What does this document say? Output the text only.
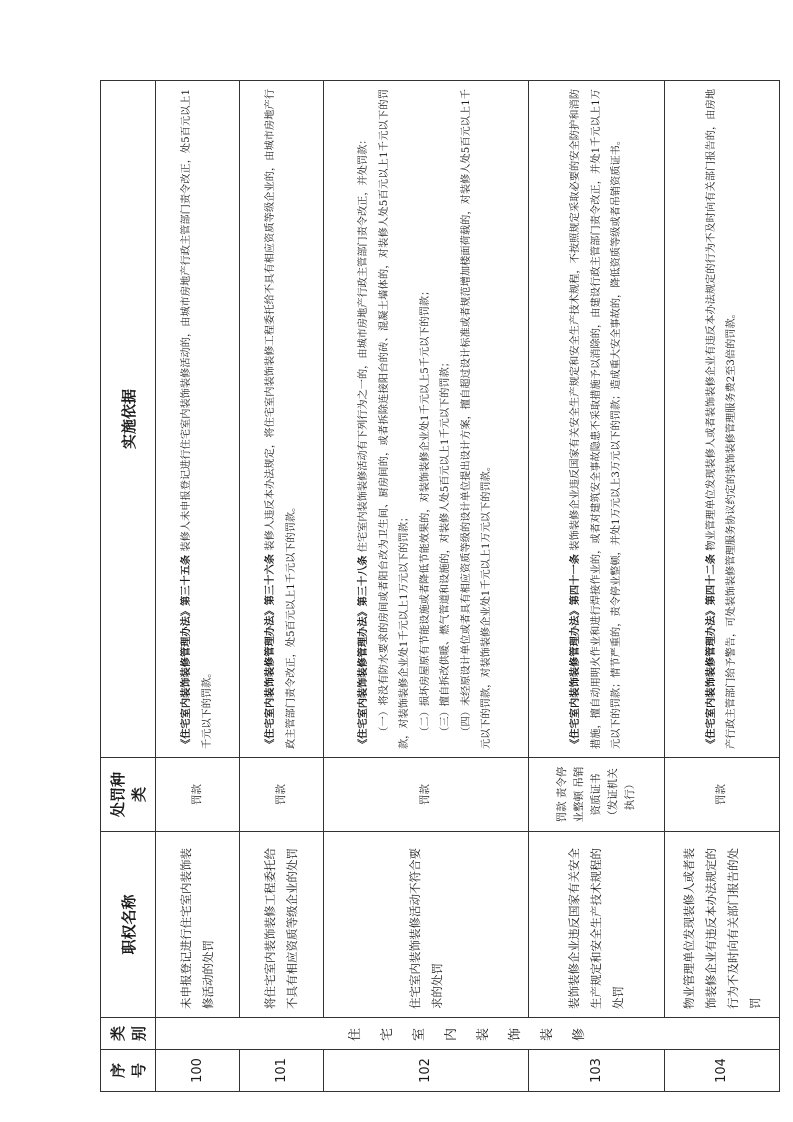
序号	类别	职权名称	处罚种类	实施依据
100	住宅室内装饰装修	未申报登记进行住宅室内装饰装修活动的处罚	罚款	《住宅室内装饰装修管理办法》第三十五条 装修人未申报登记进行住宅室内装饰装修活动的，由城市房地产行政主管部门责令改正，处5百元以上1千元以下的罚款。

101		将住宅室内装饰装修工程委托给不具有相应资质等级企业的处罚	罚款	《住宅室内装饰装修管理办法》第三十六条 装修人违反本办法规定，将住宅室内装饰装修工程委托给不具有相应资质等级企业的，由城市房地产行政主管部门责令改正，处5百元以上1千元以下的罚款。

102		住宅室内装饰装修活动不符合要求的处罚	罚款	《住宅室内装饰装修管理办法》第三十八条 住宅室内装饰装修活动有下列行为之一的，由城市房地产行政主管部门责令改正，并处罚款： （一）将没有防水要求的房间或者阳台改为卫生间、厨房间的，或者拆除连接阳台的砖、混凝土墙体的，对装修人处5百元以上1千元以下的罚款，对装饰装修企业处1千元以上1万元以下的罚款； （二）损坏房屋原有节能设施或者降低节能效果的，对装饰装修企业处1千元以上5千元以下的罚款； （三）擅自拆改供暖、燃气管道和设施的，对装修人处5百元以上1千元以下的罚款； （四）未经原设计单位或者具有相应资质等级的设计单位提出设计方案，擅自超过设计标准或者规范增加楼面荷载的，对装修人处5百元以上1千元以下的罚款，对装饰装修企业处1千元以上1万元以下的罚款。

103		装饰装修企业违反国家有关安全生产规定和安全生产技术规程的处罚	罚款 责令停业整顿 吊销资质证书（发证机关执行）	《住宅室内装饰装修管理办法》第四十一条 装饰装修企业违反国家有关安全生产规定和安全生产技术规程，不按照规定采取必要的安全防护和消防措施，擅自动用明火作业和进行焊接作业的，或者对建筑安全事故隐患不采取措施予以消除的，由建设行政主管部门责令改正，并处1千元以上1万元以下的罚款；情节严重的，责令停业整顿，并处1万元以上3万元以下的罚款；造成重大安全事故的，降低资质等级或者吊销资质证书。

104		物业管理单位发现装修人或者装饰装修企业有违反本办法规定的行为不及时向有关部门报告的处罚	罚款	《住宅室内装饰装修管理办法》第四十二条 物业管理单位发现装修人或者装饰装修企业有违反本办法规定的行为不及时向有关部门报告的，由房地产行政主管部门给予警告，可处装饰装修管理服务协议约定的装饰装修管理服务费2至3倍的罚款。
